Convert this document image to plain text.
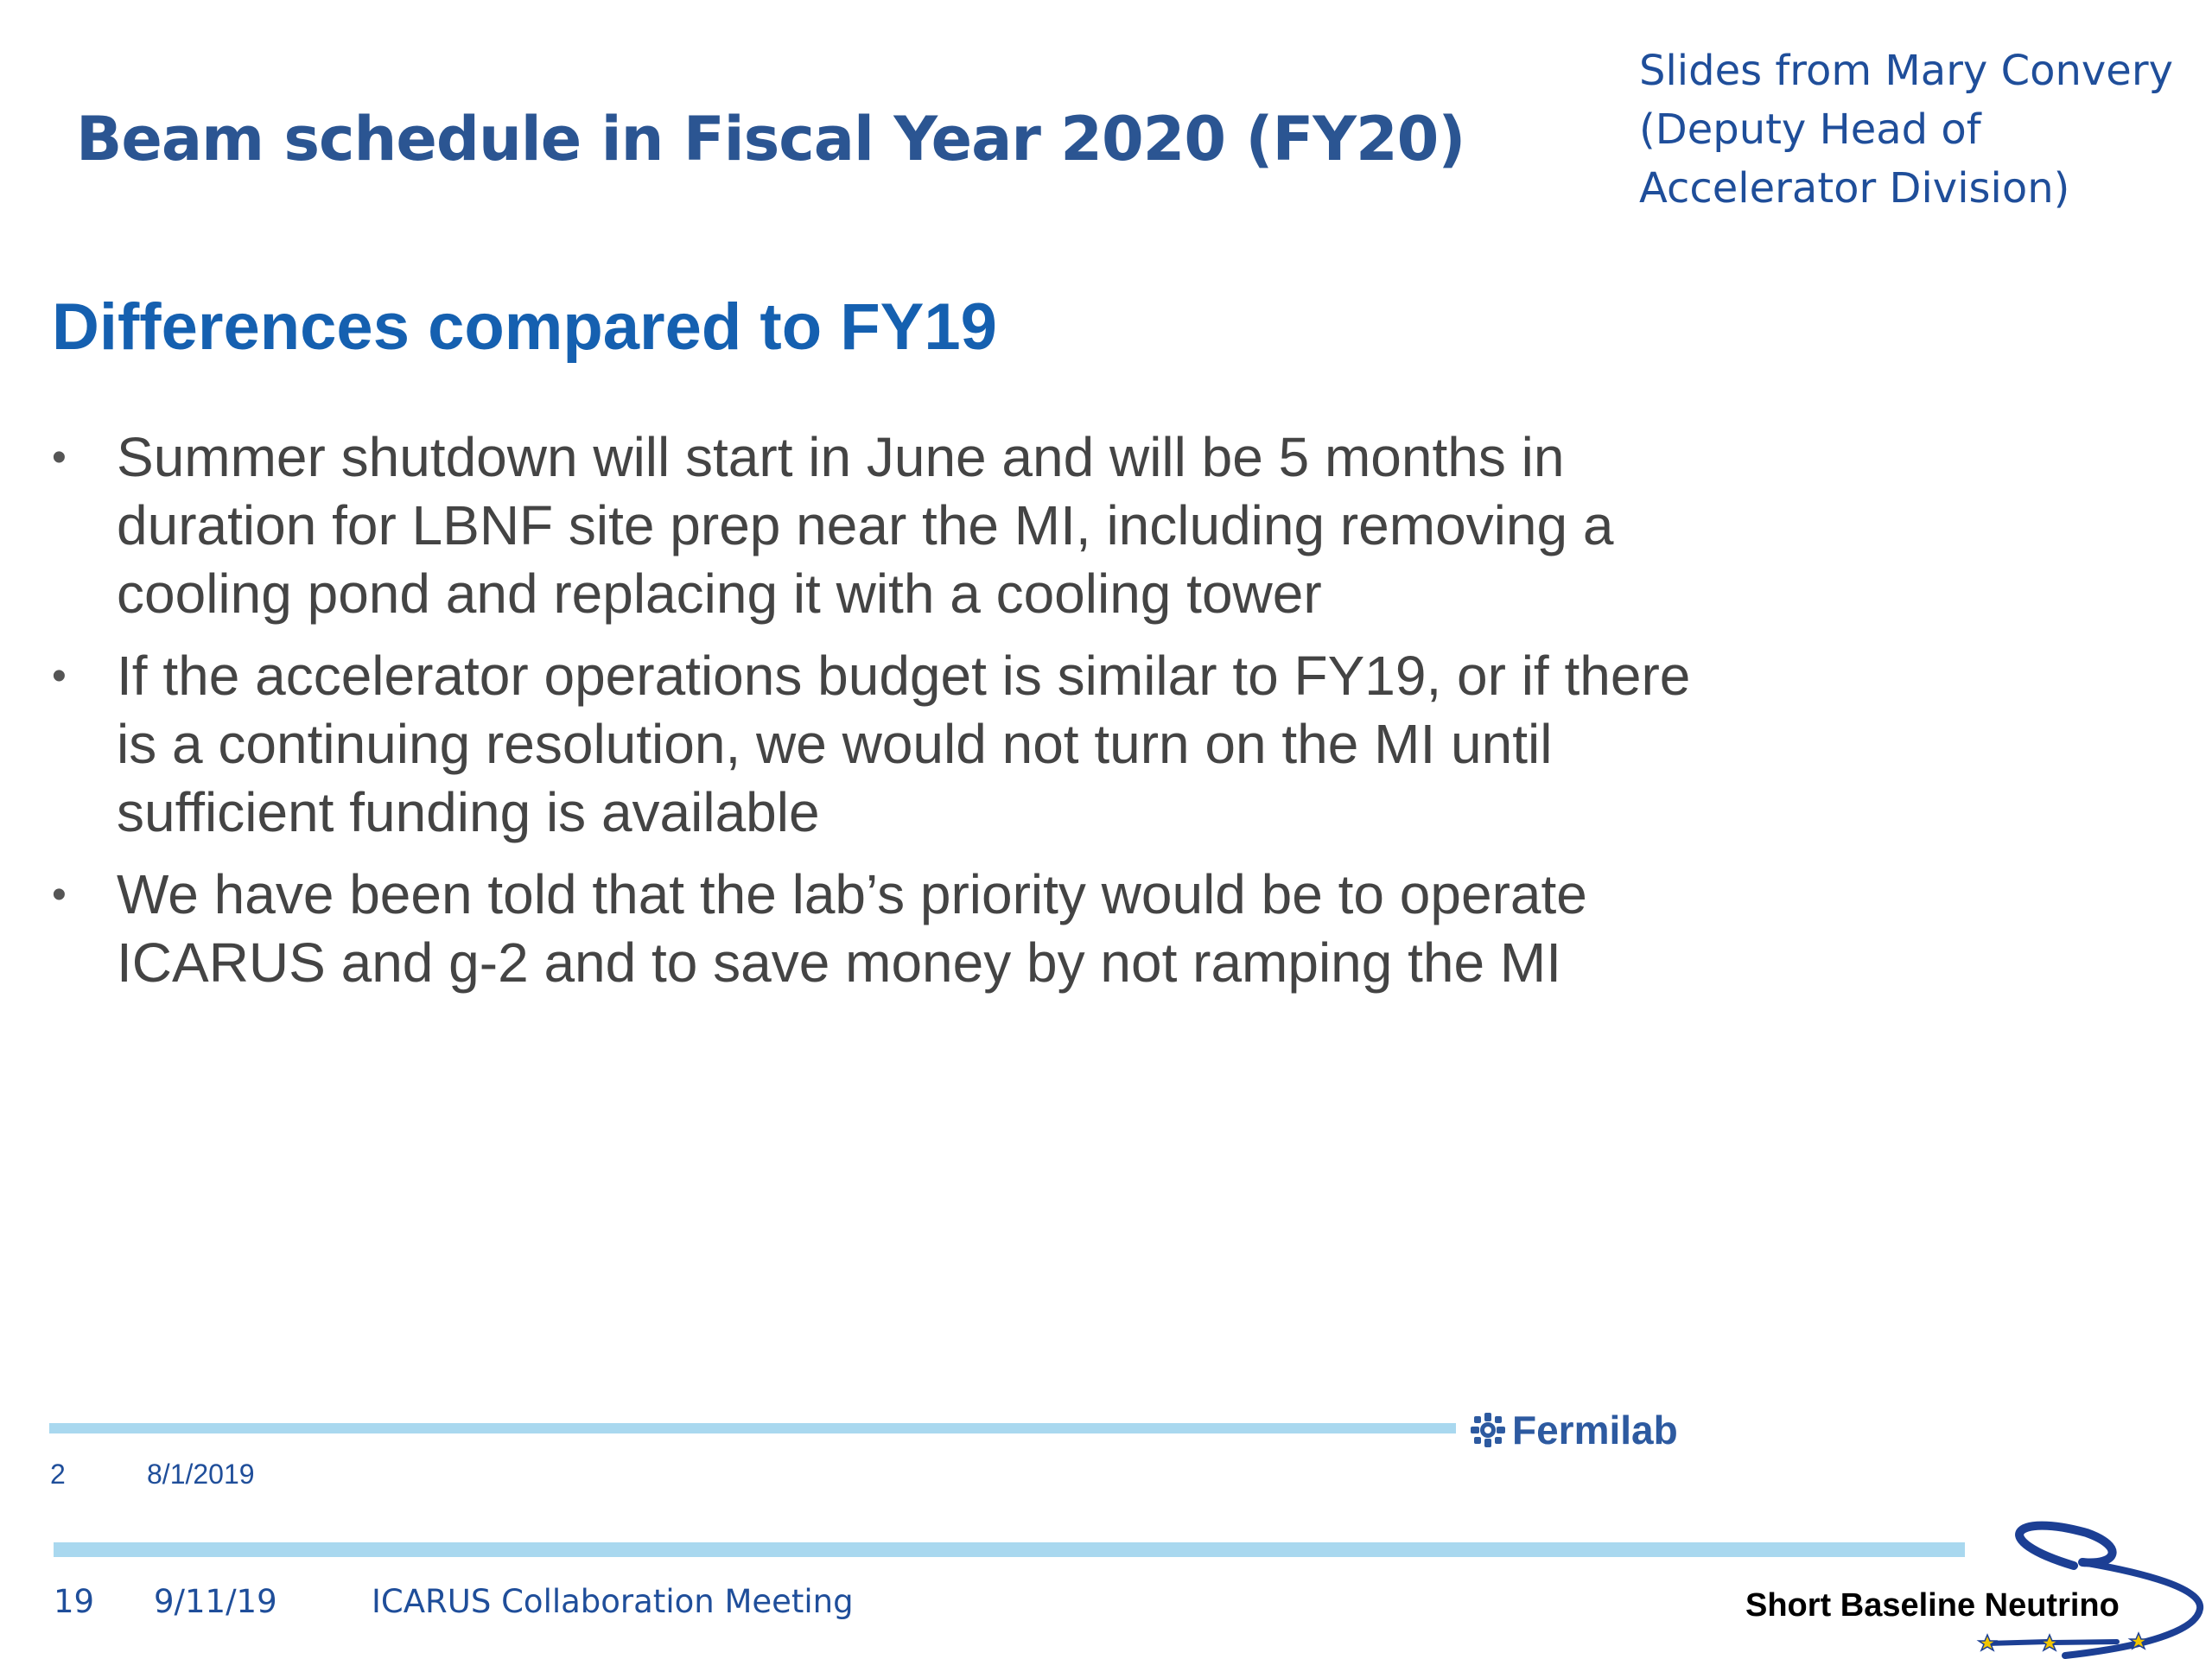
Beam schedule in Fiscal Year 2020 (FY20)

Slides from Mary Convery (Deputy Head of Accelerator Division)

Differences compared to FY19
• Summer shutdown will start in June and will be 5 months in duration for LBNF site prep near the MI, including removing a cooling pond and replacing it with a cooling tower
• If the accelerator operations budget is similar to FY19, or if there is a continuing resolution, we would not turn on the MI until sufficient funding is available
• We have been told that the lab’s priority would be to operate ICARUS and g-2 and to save money by not ramping the MI
Fermilab

2	8/1/2019

19 9/11/19	ICARUS Collaboration Meeting	Short Baseline Neutrino
